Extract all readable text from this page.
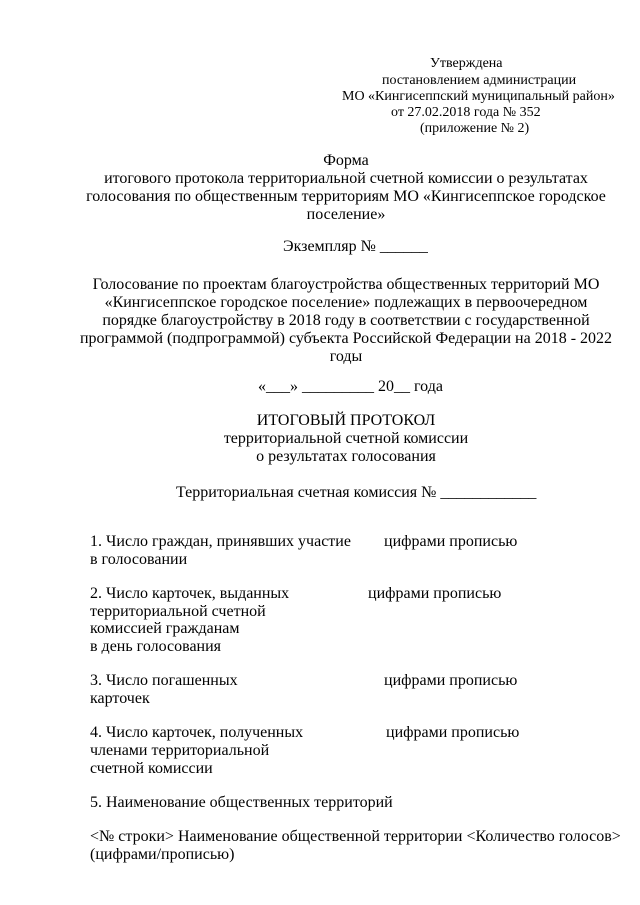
Утверждена
постановлением администрации
МО «Кингисеппский муниципальный район»
от 27.02.2018 года № 352
(приложение № 2)
Форма
итогового протокола территориальной счетной комиссии о результатах
голосования по общественным территориям МО «Кингисеппское городское
поселение»
Экземпляр № ______
Голосование по проектам благоустройства общественных территорий МО
«Кингисеппское городское поселение» подлежащих в первоочередном
порядке благоустройству в 2018 году в соответствии с государственной
программой (подпрограммой) субъекта Российской Федерации на 2018 - 2022
годы
«___» _________ 20__ года
ИТОГОВЫЙ ПРОТОКОЛ
территориальной счетной комиссии
о результатах голосования
Территориальная счетная комиссия № ____________
1. Число граждан, принявших участие
в голосовании
цифрами прописью
2. Число карточек, выданных
территориальной счетной
комиссией гражданам
в день голосования
цифрами прописью
3. Число погашенных
карточек
цифрами прописью
4. Число карточек, полученных
членами территориальной
счетной комиссии
цифрами прописью
5. Наименование общественных территорий
<№ строки> Наименование общественной территории <Количество голосов>
(цифрами/прописью)
